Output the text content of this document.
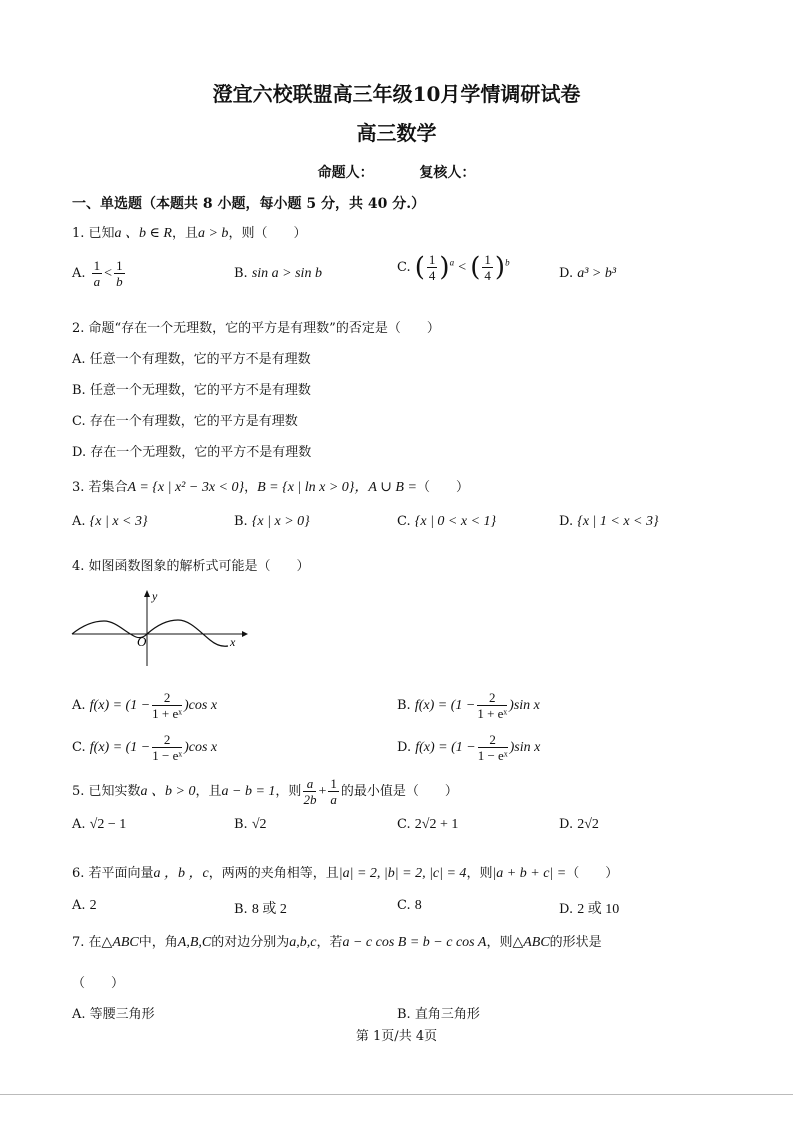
澄宜六校联盟高三年级10月学情调研试卷
高三数学
命题人：	复核人：
一、单选题（本题共 8 小题，每小题 5 分，共 40 分.）
1. 已知a 、b ∈ R，且a > b，则（　　）
A. $\frac{1}{a} < \frac{1}{b}$	B. sin a > sin b	C. ( $\frac{1}{4} )^a$ < ( $\frac{1}{4} )^b$
D. a³ > b³
2. 命题“存在一个无理数，它的平方是有理数”的否定是（　　）
A. 任意一个有理数，它的平方不是有理数
B. 任意一个无理数，它的平方不是有理数
C. 存在一个有理数，它的平方是有理数
D. 存在一个无理数，它的平方不是有理数
3. 若集合A = {x | x² − 3x < 0}，B = {x | ln x > 0}，A ∪ B =（　　）
A. {x | x < 3}	B. {x | x > 0}	C. {x | 0 < x < 1}	D. {x | 1 < x < 3}
4. 如图函数图象的解析式可能是（　　）
O
y
x
A. $f(x) = (1 - \frac{2}{\text{1 + eˣ}} )\cos$ x	B. $f(x) = (1 - \frac{2}{\text{1 + eˣ}} )\sin$ x
C. $f(x) = (1 - \frac{2}{\text{1 − eˣ}} )\cos$ x	D. $f(x) = (1 - \frac{2}{\text{1 − eˣ}} )\sin$ x
5. 已知实数a 、b > 0，且a − b = 1，则 $\frac{a}{2b} + \frac{1}{a}$ 的最小值是（　　）
A. √2 − 1	B. √2	C. 2√2 + 1	D. 2√2
6. 若平面向量a ，b ，c，两两的夹角相等，且|a| = 2, |b| = 2, |c| = 4，则|a + b + c| =（　　）
A. 2	B. 8 或 2	C. 8	D. 2 或 10
7. 在△ABC中，角A,B,C的对边分别为a,b,c，若a − c cos B = b − c cos A，则△ABC的形状是
（　　）
A. 等腰三角形	B. 直角三角形
第 1页/共 4页
